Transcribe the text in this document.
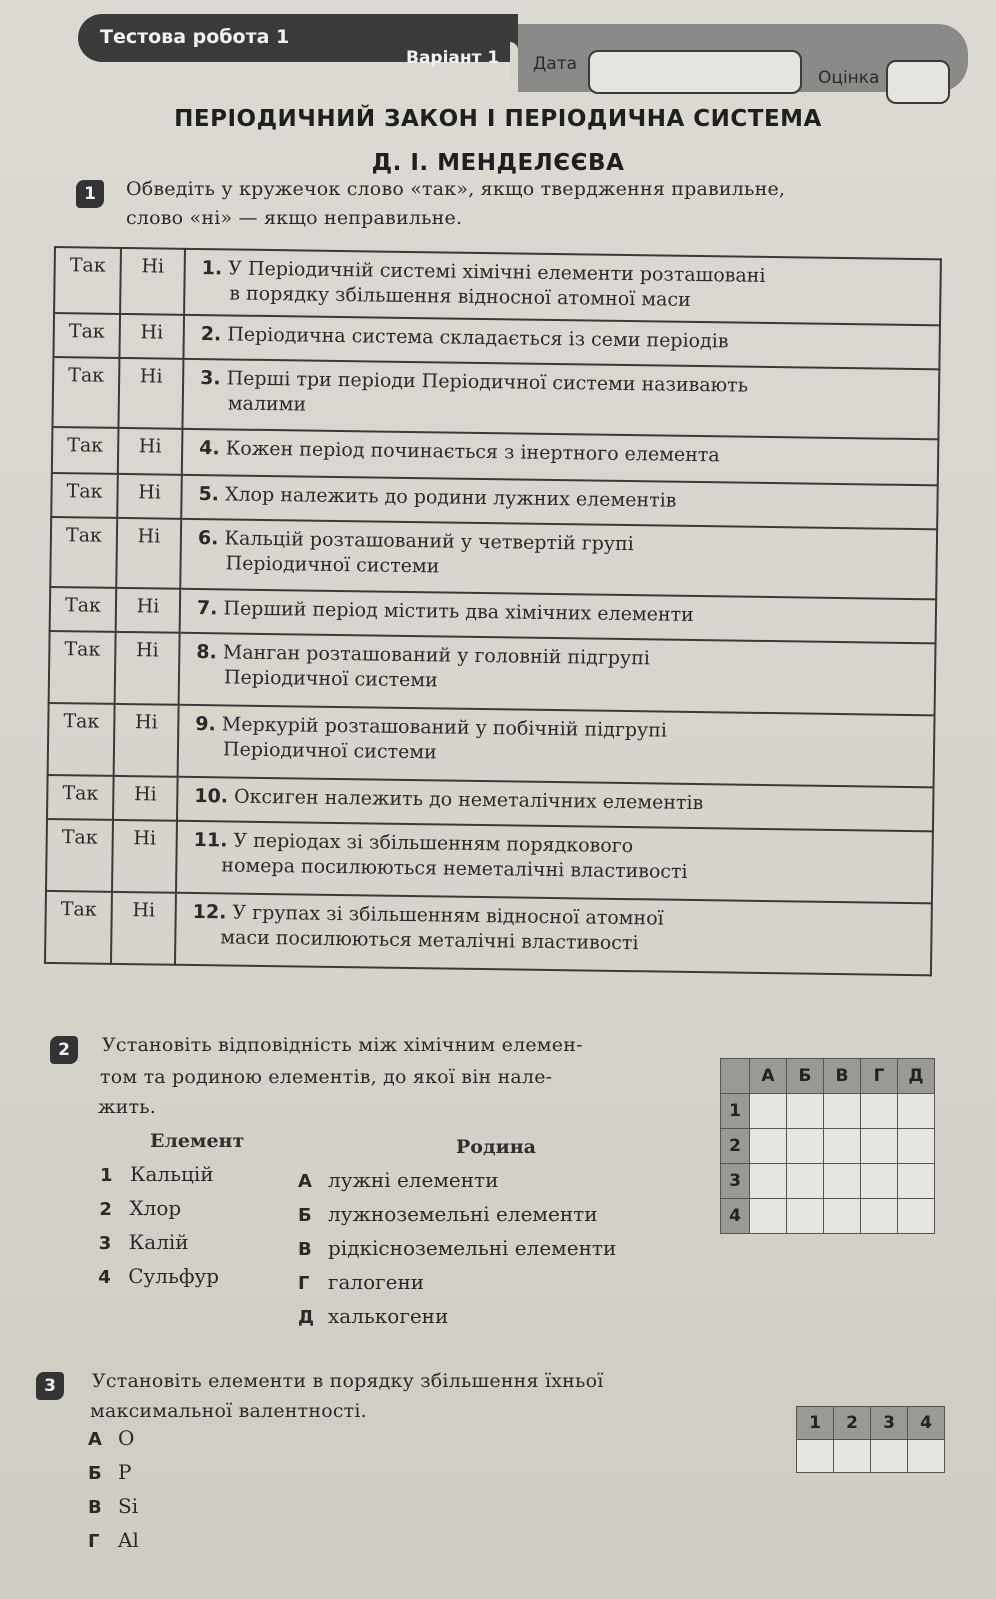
Тестова робота 1
Варіант 1 Дата
Оцінка
ПЕРІОДИЧНИЙ ЗАКОН І ПЕРІОДИЧНА СИСТЕМА
Д. І. МЕНДЕЛЄЄВА
1	Обведіть у кружечок слово «так», якщо твердження правильне,
слово «ні» — якщо неправильне.
Так	Ні	1. У Періодичній системі хімічні елементи розташовані
в порядку збільшення відносної атомної маси

Так	Ні	2. Періодична система складається із семи періодів
Так	Ні	3. Перші три періоди Періодичної системи називають
малими

Так	Ні	4. Кожен період починається з інертного елемента
Так	Ні	5. Хлор належить до родини лужних елементів
Так	Ні	6. Кальцій розташований у четвертій групі
Періодичної системи

Так	Ні	7. Перший період містить два хімічних елементи
Так	Ні	8. Манган розташований у головній підгрупі
Періодичної системи

Так	Ні	9. Меркурій розташований у побічній підгрупі
Періодичної системи

Так	Ні	10. Оксиген належить до неметалічних елементів
Так	Ні	11. У періодах зі збільшенням порядкового
номера посилюються неметалічні властивості

Так	Ні	12. У групах зі збільшенням відносної атомної
маси посилюються металічні властивості
2	Установіть відповідність між хімічним елемен-
том та родиною елементів, до якої він нале-
жить.
Елемент	Родина
1 Кальцій
2 Хлор
3 Калій
4 Сульфур
А лужні елементи
Б лужноземельні елементи
В рідкісноземельні елементи
Г галогени
Д халькогени
	А	Б	В	Г	Д
1					
2					
3					
4					
3	Установіть елементи в порядку збільшення їхньої
максимальної валентності.
А O
Б P
В Si
Г Al
1	2	3	4
